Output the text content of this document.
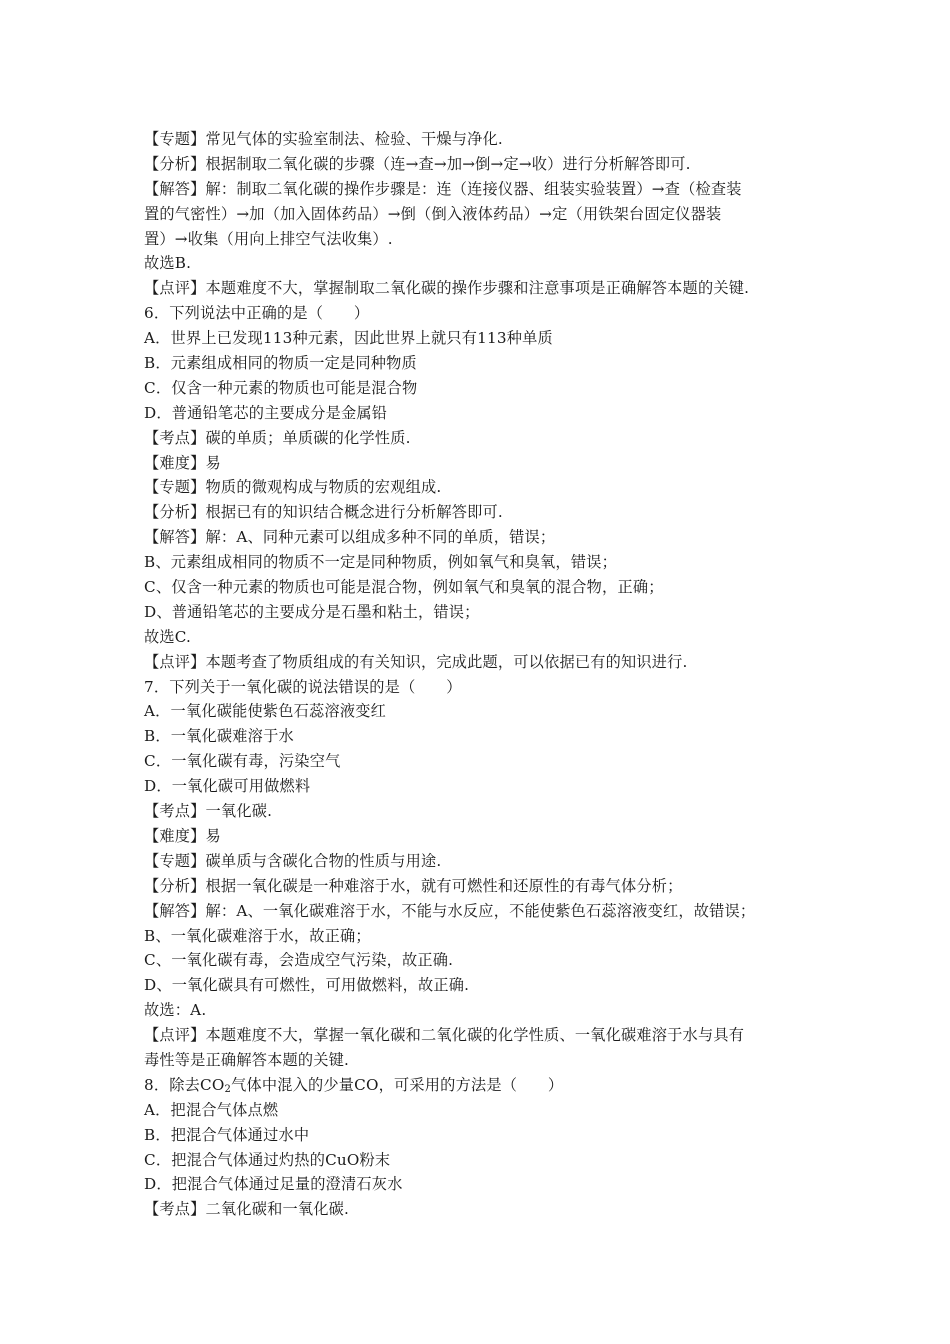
【专题】常见气体的实验室制法、检验、干燥与净化.
【分析】根据制取二氧化碳的步骤（连→查→加→倒→定→收）进行分析解答即可.
【解答】解：制取二氧化碳的操作步骤是：连（连接仪器、组装实验装置）→查（检查装
置的气密性）→加（加入固体药品）→倒（倒入液体药品）→定（用铁架台固定仪器装
置）→收集（用向上排空气法收集）.
故选B.
【点评】本题难度不大，掌握制取二氧化碳的操作步骤和注意事项是正确解答本题的关键.
6．下列说法中正确的是（　　）
A．世界上已发现113种元素，因此世界上就只有113种单质
B．元素组成相同的物质一定是同种物质
C．仅含一种元素的物质也可能是混合物
D．普通铅笔芯的主要成分是金属铅
【考点】碳的单质；单质碳的化学性质.
【难度】易
【专题】物质的微观构成与物质的宏观组成.
【分析】根据已有的知识结合概念进行分析解答即可.
【解答】解：A、同种元素可以组成多种不同的单质，错误；
B、元素组成相同的物质不一定是同种物质，例如氧气和臭氧，错误；
C、仅含一种元素的物质也可能是混合物，例如氧气和臭氧的混合物，正确；
D、普通铅笔芯的主要成分是石墨和粘土，错误；
故选C.
【点评】本题考查了物质组成的有关知识，完成此题，可以依据已有的知识进行.
7．下列关于一氧化碳的说法错误的是（　　）
A．一氧化碳能使紫色石蕊溶液变红
B．一氧化碳难溶于水
C．一氧化碳有毒，污染空气
D．一氧化碳可用做燃料
【考点】一氧化碳.
【难度】易
【专题】碳单质与含碳化合物的性质与用途.
【分析】根据一氧化碳是一种难溶于水，就有可燃性和还原性的有毒气体分析；
【解答】解：A、一氧化碳难溶于水，不能与水反应，不能使紫色石蕊溶液变红，故错误；
B、一氧化碳难溶于水，故正确；
C、一氧化碳有毒，会造成空气污染，故正确.
D、一氧化碳具有可燃性，可用做燃料，故正确.
故选：A.
【点评】本题难度不大，掌握一氧化碳和二氧化碳的化学性质、一氧化碳难溶于水与具有
毒性等是正确解答本题的关键.
8．除去$CO_2$气体中混入的少量CO，可采用的方法是（　　）
A．把混合气体点燃
B．把混合气体通过水中
C．把混合气体通过灼热的CuO粉末
D．把混合气体通过足量的澄清石灰水
【考点】二氧化碳和一氧化碳.
